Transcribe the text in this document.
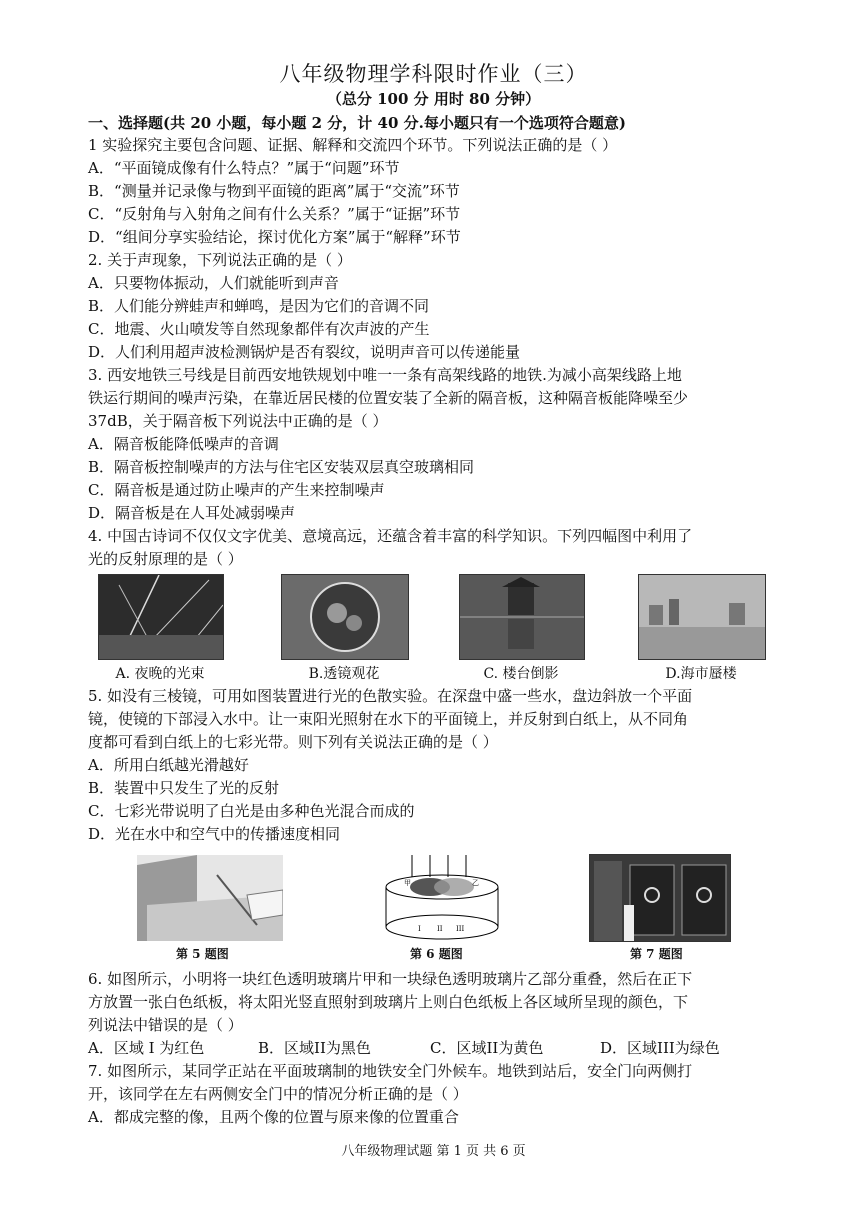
八年级物理学科限时作业（三）
（总分 100 分 用时 80 分钟）
一、选择题(共 20 小题，每小题 2 分，计 40 分.每小题只有一个选项符合题意)
1 实验探究主要包含问题、证据、解释和交流四个环节。下列说法正确的是（ ）
A．“平面镜成像有什么特点？”属于“问题”环节
B．“测量并记录像与物到平面镜的距离”属于“交流”环节
C．“反射角与入射角之间有什么关系？”属于“证据”环节
D．“组间分享实验结论，探讨优化方案”属于“解释”环节
2. 关于声现象，下列说法正确的是（ ）
A．只要物体振动，人们就能听到声音
B．人们能分辨蛙声和蝉鸣，是因为它们的音调不同
C．地震、火山喷发等自然现象都伴有次声波的产生
D．人们利用超声波检测锅炉是否有裂纹，说明声音可以传递能量
3. 西安地铁三号线是目前西安地铁规划中唯一一条有高架线路的地铁.为减小高架线路上地
铁运行期间的噪声污染，在靠近居民楼的位置安装了全新的隔音板，这种隔音板能降噪至少
37dB，关于隔音板下列说法中正确的是（ ）
A．隔音板能降低噪声的音调
B．隔音板控制噪声的方法与住宅区安装双层真空玻璃相同
C．隔音板是通过防止噪声的产生来控制噪声
D．隔音板是在人耳处减弱噪声
4. 中国古诗词不仅仅文字优美、意境高远，还蕴含着丰富的科学知识。下列四幅图中利用了
光的反射原理的是（ ）
A. 夜晚的光束	B.透镜观花	C. 楼台倒影	D.海市蜃楼
5. 如没有三棱镜，可用如图装置进行光的色散实验。在深盘中盛一些水，盘边斜放一个平面
镜，使镜的下部浸入水中。让一束阳光照射在水下的平面镜上，并反射到白纸上，从不同角
度都可看到白纸上的七彩光带。则下列有关说法正确的是（ ）
A．所用白纸越光滑越好
B．装置中只发生了光的反射
C．七彩光带说明了白光是由多种色光混合而成的
D．光在水中和空气中的传播速度相同
甲	乙
I II III
第 5 题图	第 6 题图	第 7 题图
6. 如图所示，小明将一块红色透明玻璃片甲和一块绿色透明玻璃片乙部分重叠，然后在正下
方放置一张白色纸板，将太阳光竖直照射到玻璃片上则白色纸板上各区域所呈现的颜色，下
列说法中错误的是（ ）
A．区域 I 为红色	B．区域II为黑色	C．区域II为黄色	D．区域III为绿色
7. 如图所示，某同学正站在平面玻璃制的地铁安全门外候车。地铁到站后，安全门向两侧打
开，该同学在左右两侧安全门中的情况分析正确的是（ ）
A．都成完整的像，且两个像的位置与原来像的位置重合
八年级物理试题 第 1 页 共 6 页
